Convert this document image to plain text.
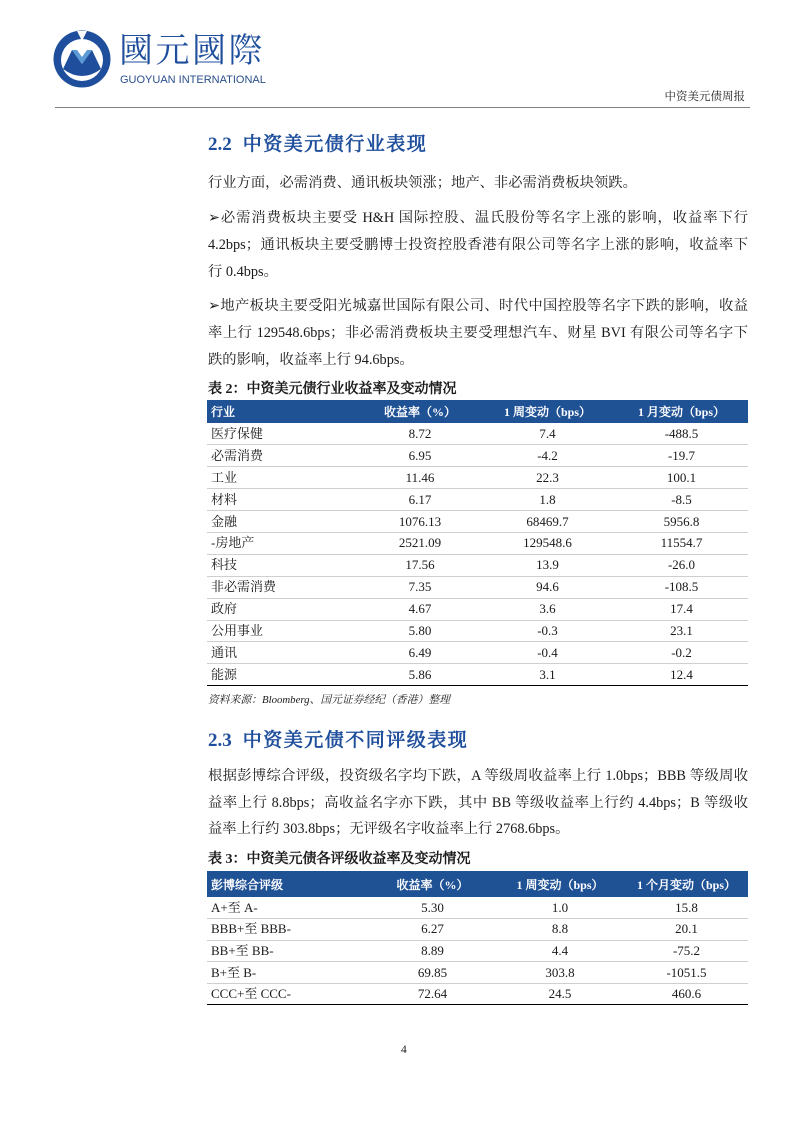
國元國際
GUOYUAN INTERNATIONAL
中资美元债周报
2.2 中资美元债行业表现
行业方面，必需消费、通讯板块领涨；地产、非必需消费板块领跌。
➢必需消费板块主要受 H&H 国际控股、温氏股份等名字上涨的影响，收益率下行
4.2bps；通讯板块主要受鹏博士投资控股香港有限公司等名字上涨的影响，收益率下
行 0.4bps。
➢地产板块主要受阳光城嘉世国际有限公司、时代中国控股等名字下跌的影响，收益
率上行 129548.6bps；非必需消费板块主要受理想汽车、财星 BVI 有限公司等名字下
跌的影响，收益率上行 94.6bps。
表 2：中资美元债行业收益率及变动情况
行业	收益率（%）	1 周变动（bps）	1 月变动（bps）
医疗保健	8.72	7.4	-488.5
必需消费	6.95	-4.2	-19.7
工业	11.46	22.3	100.1
材料	6.17	1.8	-8.5
金融	1076.13	68469.7	5956.8
-房地产	2521.09	129548.6	11554.7
科技	17.56	13.9	-26.0
非必需消费	7.35	94.6	-108.5
政府	4.67	3.6	17.4
公用事业	5.80	-0.3	23.1
通讯	6.49	-0.4	-0.2
能源	5.86	3.1	12.4
资料来源：Bloomberg、国元证券经纪（香港）整理
2.3 中资美元债不同评级表现
根据彭博综合评级，投资级名字均下跌，A 等级周收益率上行 1.0bps；BBB 等级周收
益率上行 8.8bps；高收益名字亦下跌，其中 BB 等级收益率上行约 4.4bps；B 等级收
益率上行约 303.8bps；无评级名字收益率上行 2768.6bps。
表 3：中资美元债各评级收益率及变动情况
彭博综合评级	收益率（%）	1 周变动（bps）	1 个月变动（bps）
A+至 A-	5.30	1.0	15.8
BBB+至 BBB-	6.27	8.8	20.1
BB+至 BB-	8.89	4.4	-75.2
B+至 B-	69.85	303.8	-1051.5
CCC+至 CCC-	72.64	24.5	460.6
4
